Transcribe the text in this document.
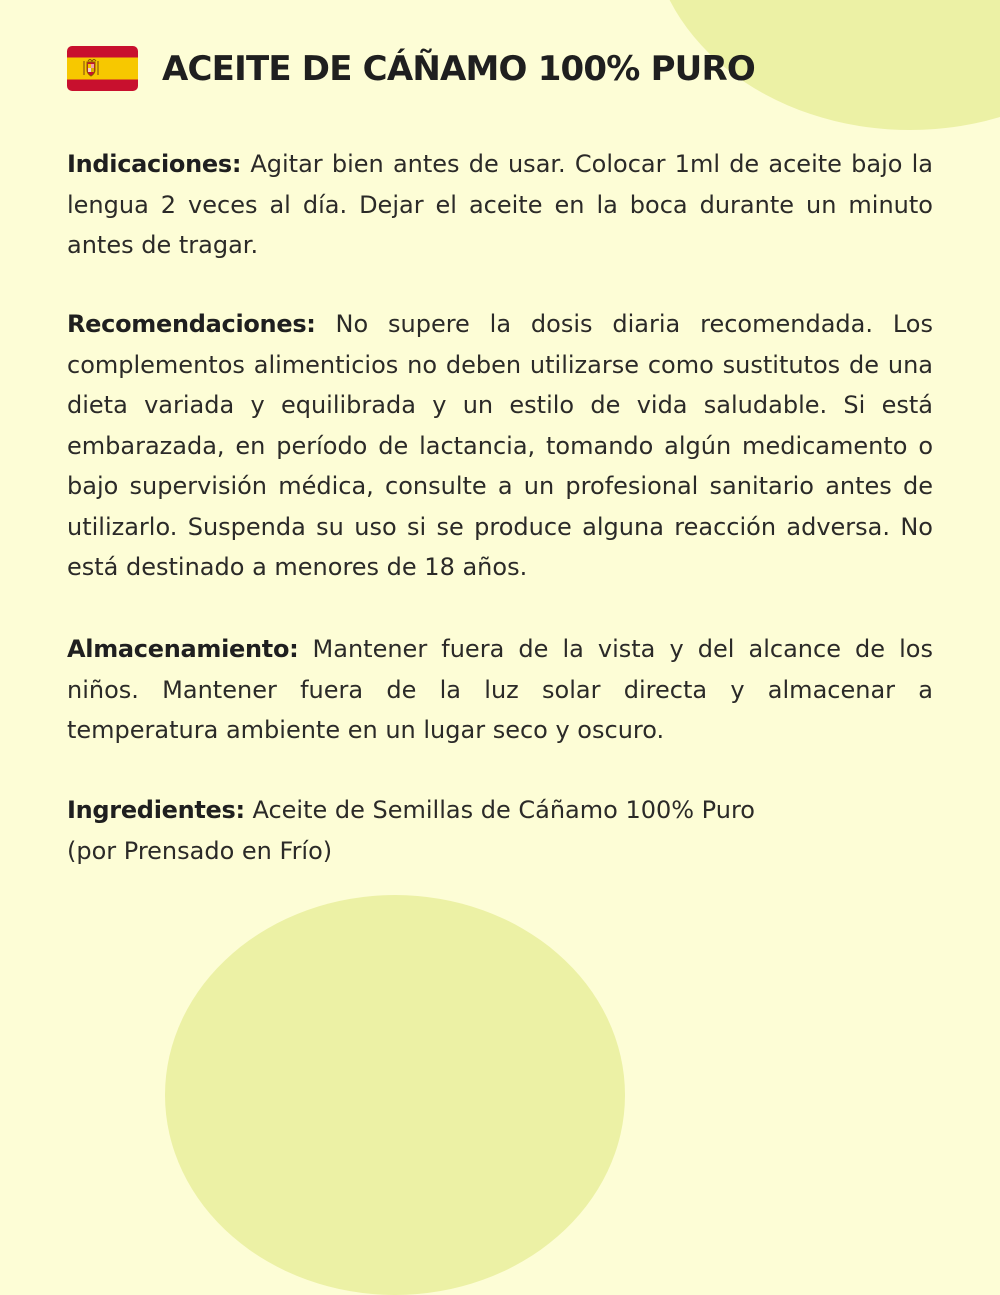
ACEITE DE CÁÑAMO 100% PURO

Indicaciones: Agitar bien antes de usar. Colocar 1ml de aceite bajo la lengua 2 veces al día. Dejar el aceite en la boca durante un minuto antes de tragar.

Recomendaciones: No supere la dosis diaria recomendada. Los complementos alimenticios no deben utilizarse como sustitutos de una dieta variada y equilibrada y un estilo de vida saludable. Si está embarazada, en período de lactancia, tomando algún medicamento o bajo supervisión médica, consulte a un profesional sanitario antes de utilizarlo. Suspenda su uso si se produce alguna reacción adversa. No está destinado a menores de 18 años.

Almacenamiento: Mantener fuera de la vista y del alcance de los niños. Mantener fuera de la luz solar directa y almacenar a temperatura ambiente en un lugar seco y oscuro.

Ingredientes: Aceite de Semillas de Cáñamo 100% Puro
(por Prensado en Frío)
